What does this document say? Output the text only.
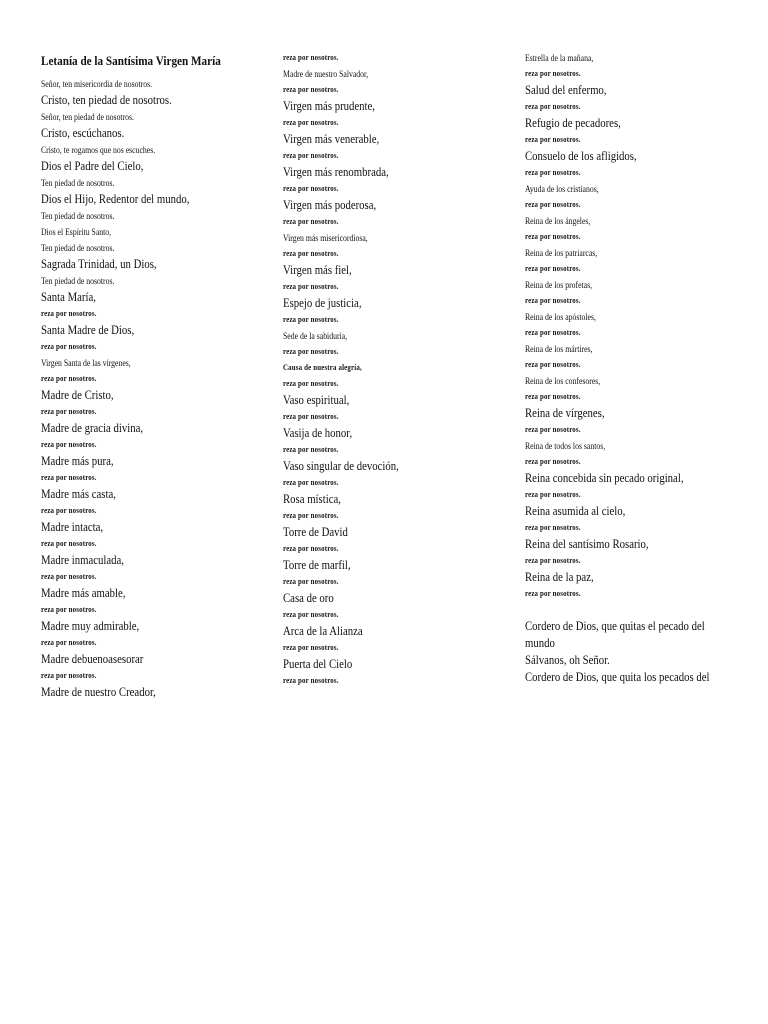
Letanía de la Santísima Virgen María
Señor, ten misericordia de nosotros.
Cristo, ten piedad de nosotros.
Señor, ten piedad de nosotros.
Cristo, escúchanos.
Cristo, te rogamos que nos escuches.
Dios el Padre del Cielo,
Ten piedad de nosotros.
Dios el Hijo, Redentor del mundo,
Ten piedad de nosotros.
Dios el Espíritu Santo,
Ten piedad de nosotros.
Sagrada Trinidad, un Dios,
Ten piedad de nosotros.
Santa María,
reza por nosotros.
Santa Madre de Dios,
reza por nosotros.
Virgen Santa de las vírgenes,
reza por nosotros.
Madre de Cristo,
reza por nosotros.
Madre de gracia divina,
reza por nosotros.
Madre más pura,
reza por nosotros.
Madre más casta,
reza por nosotros.
Madre intacta,
reza por nosotros.
Madre inmaculada,
reza por nosotros.
Madre más amable,
reza por nosotros.
Madre muy admirable,
reza por nosotros.
Madre debuenoasesorar
reza por nosotros.
Madre de nuestro Creador,
reza por nosotros.
Madre de nuestro Salvador,
reza por nosotros.
Virgen más prudente,
reza por nosotros.
Virgen más venerable,
reza por nosotros.
Virgen más renombrada,
reza por nosotros.
Virgen más poderosa,
reza por nosotros.
Virgen más misericordiosa,
reza por nosotros.
Virgen más fiel,
reza por nosotros.
Espejo de justicia,
reza por nosotros.
Sede de la sabiduría,
reza por nosotros.
Causa de nuestra alegría,
reza por nosotros.
Vaso espiritual,
reza por nosotros.
Vasija de honor,
reza por nosotros.
Vaso singular de devoción,
reza por nosotros.
Rosa mística,
reza por nosotros.
Torre de David
reza por nosotros.
Torre de marfil,
reza por nosotros.
Casa de oro
reza por nosotros.
Arca de la Alianza
reza por nosotros.
Puerta del Cielo
reza por nosotros.
Estrella de la mañana,
reza por nosotros.
Salud del enfermo,
reza por nosotros.
Refugio de pecadores,
reza por nosotros.
Consuelo de los afligidos,
reza por nosotros.
Ayuda de los cristianos,
reza por nosotros.
Reina de los ángeles,
reza por nosotros.
Reina de los patriarcas,
reza por nosotros.
Reina de los profetas,
reza por nosotros.
Reina de los apóstoles,
reza por nosotros.
Reina de los mártires,
reza por nosotros.
Reina de los confesores,
reza por nosotros.
Reina de vírgenes,
reza por nosotros.
Reina de todos los santos,
reza por nosotros.
Reina concebida sin pecado original,
reza por nosotros.
Reina asumida al cielo,
reza por nosotros.
Reina del santísimo Rosario,
reza por nosotros.
Reina de la paz,
reza por nosotros.
Cordero de Dios, que quitas el pecado del mundo
Sálvanos, oh Señor.
Cordero de Dios, que quita los pecados del
